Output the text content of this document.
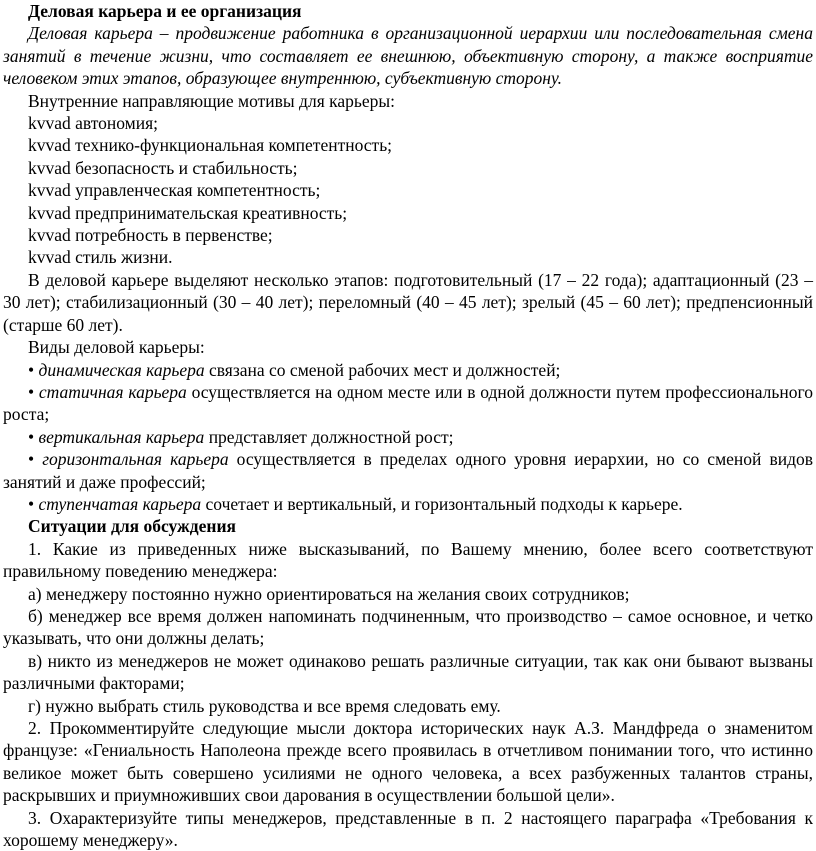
Деловая карьера и ее организация

Деловая карьера – продвижение работника в организационной иерархии или последовательная смена занятий в течение жизни, что составляет ее внешнюю, объективную сторону, а также восприятие человеком этих этапов, образующее внутреннюю, субъективную сторону.

Внутренние направляющие мотивы для карьеры:

kvvad автономия;

kvvad технико-функциональная компетентность;

kvvad безопасность и стабильность;

kvvad управленческая компетентность;

kvvad предпринимательская креативность;

kvvad потребность в первенстве;

kvvad стиль жизни.

В деловой карьере выделяют несколько этапов: подготовительный (17 – 22 года); адаптационный (23 – 30 лет); стабилизационный (30 – 40 лет); переломный (40 – 45 лет); зрелый (45 – 60 лет); предпенсионный (старше 60 лет).

Виды деловой карьеры:

• динамическая карьера связана со сменой рабочих мест и должностей;

• статичная карьера осуществляется на одном месте или в одной должности путем профессионального роста;

• вертикальная карьера представляет должностной рост;

• горизонтальная карьера осуществляется в пределах одного уровня иерархии, но со сменой видов занятий и даже профессий;

• ступенчатая карьера сочетает и вертикальный, и горизонтальный подходы к карьере.

Ситуации для обсуждения

1. Какие из приведенных ниже высказываний, по Вашему мнению, более всего соответствуют правильному поведению менеджера:

а) менеджеру постоянно нужно ориентироваться на желания своих сотрудников;

б) менеджер все время должен напоминать подчиненным, что производство – самое основное, и четко указывать, что они должны делать;

в) никто из менеджеров не может одинаково решать различные ситуации, так как они бывают вызваны различными факторами;

г) нужно выбрать стиль руководства и все время следовать ему.

2. Прокомментируйте следующие мысли доктора исторических наук А.З. Мандфреда о знаменитом французе: «Гениальность Наполеона прежде всего проявилась в отчетливом понимании того, что истинно великое может быть совершено усилиями не одного человека, а всех разбуженных талантов страны, раскрывших и приумноживших свои дарования в осуществлении большой цели».

3. Охарактеризуйте типы менеджеров, представленные в п. 2 настоящего параграфа «Требования к хорошему менеджеру».
